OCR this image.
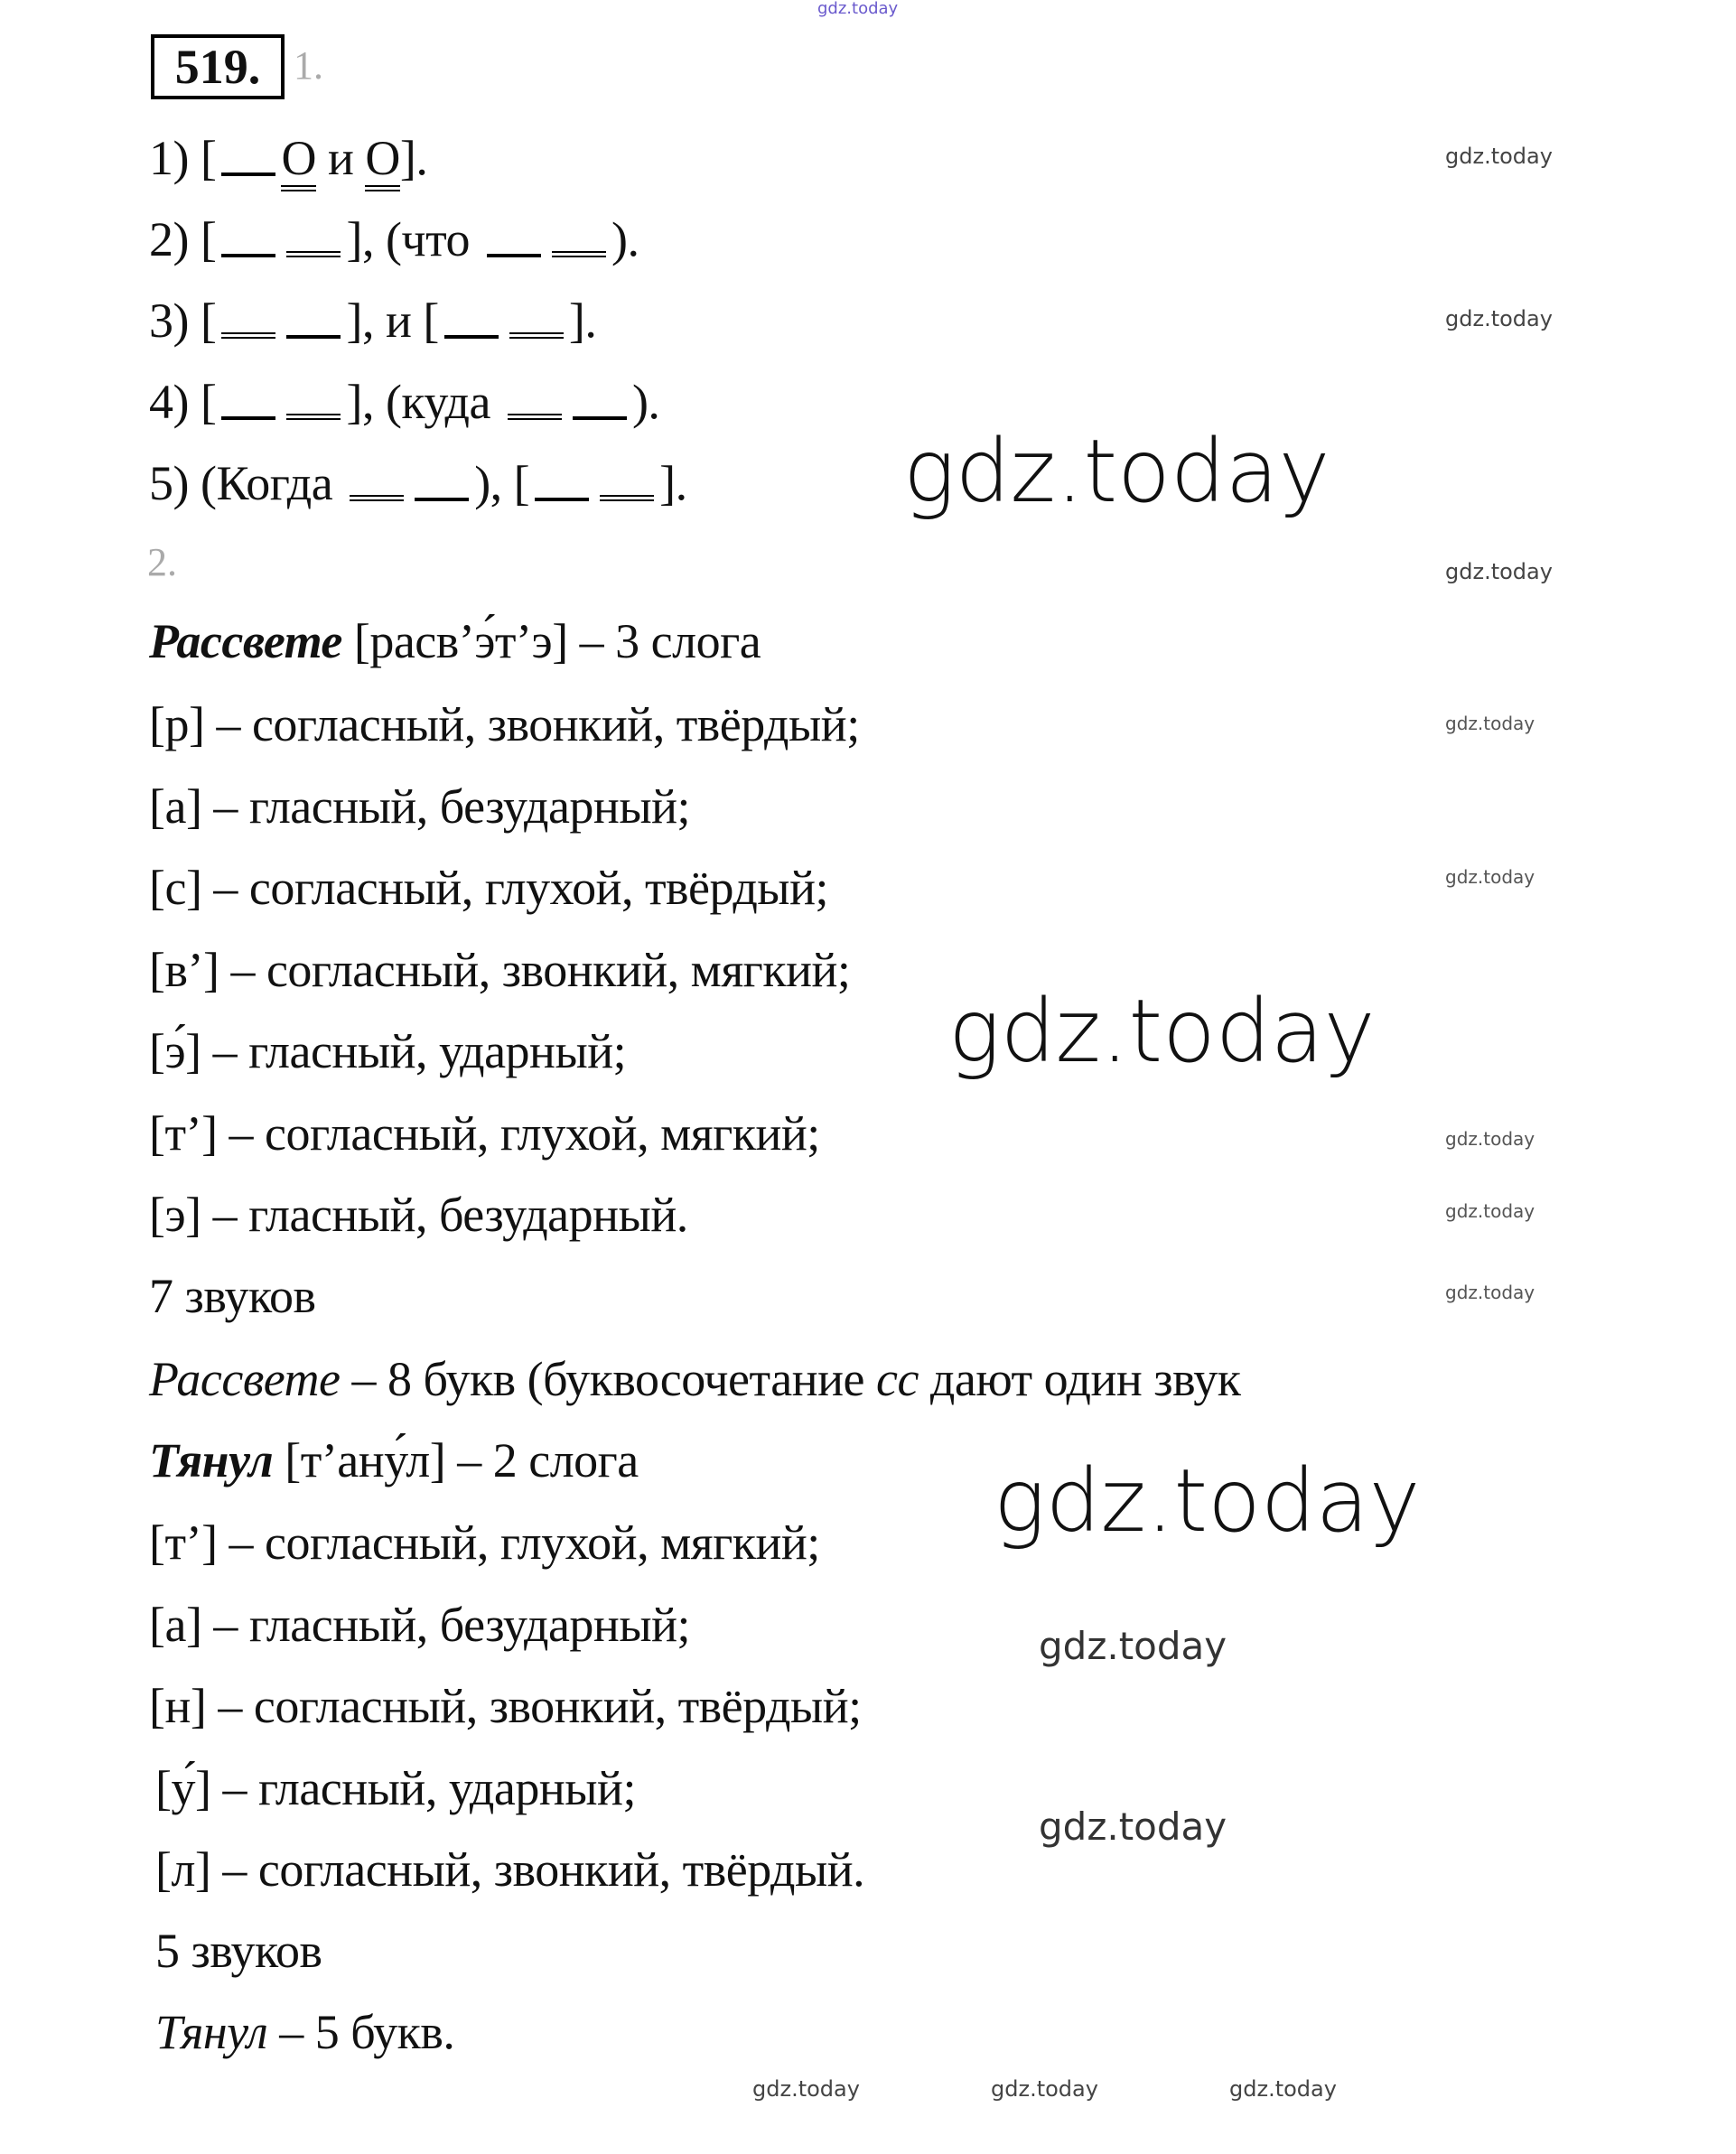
519. 1.
1) [ О и О].
2) [	], (что	).
3) [	], и [	].
4) [	], (куда	).
5) (Когда	), [	].
2.
Рассвете [расв’э́т’э] – 3 слога
[р] – согласный, звонкий, твёрдый;
[а] – гласный, безударный;
[с] – согласный, глухой, твёрдый;
[в’] – согласный, звонкий, мягкий;
[э́] – гласный, ударный;
[т’] – согласный, глухой, мягкий;
[э] – гласный, безударный.
7 звуков
Рассвете – 8 букв (буквосочетание сс дают один звук
Тянул [т’ану́л] – 2 слога
[т’] – согласный, глухой, мягкий;
[а] – гласный, безударный;
[н] – согласный, звонкий, твёрдый;
[у́] – гласный, ударный;
[л] – согласный, звонкий, твёрдый.
5 звуков
Тянул – 5 букв.
gdz.today
gdz.today
gdz.today
gdz.today
gdz.today
gdz.today
gdz.today
gdz.today
gdz.today
gdz.today
gdz.today
gdz.today
gdz.today
gdz.today
gdz.today	gdz.today	gdz.today
